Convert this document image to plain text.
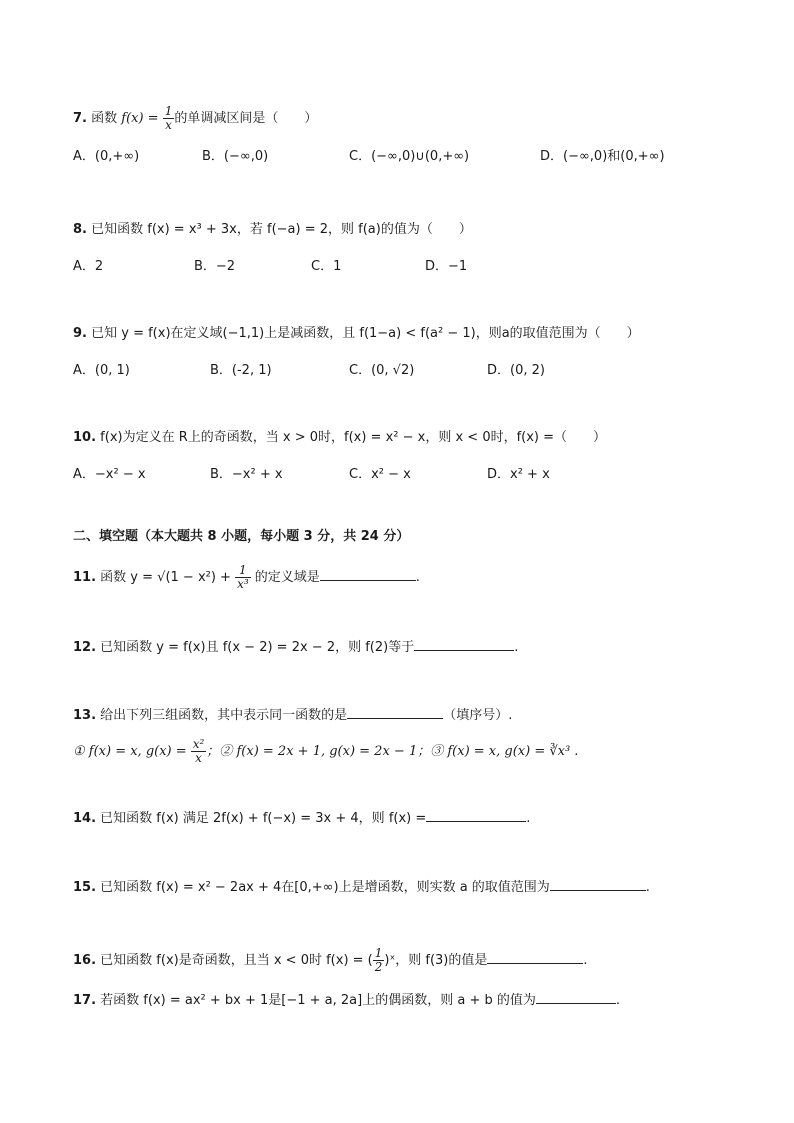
7. 函数 $f(x) = \frac{1}{x}$ 的单调减区间是（　　）
A．(0,+∞)	B．(−∞,0)	C．(−∞,0)∪(0,+∞)	D．(−∞,0)和(0,+∞)
8. 已知函数 f(x) = x³ + 3x，若 f(−a) = 2，则 f(a)的值为（　　）
A．2	B．−2	C．1	D．−1
9. 已知 y = f(x)在定义域(−1,1)上是减函数，且 f(1−a) < f(a² − 1)，则a的取值范围为（　　）
A．(0, 1)	B．(-2, 1)	C．(0, √2)	D．(0, 2)
10. f(x)为定义在 R上的奇函数，当 x > 0时，f(x) = x² − x，则 x < 0时，f(x) =（　　）
A．−x² − x	B．−x² + x	C．x² − x	D．x² + x
二、填空题（本大题共 8 小题，每小题 3 分，共 24 分）
11. 函数 $y = √(1 - x^2) + \frac{1}{\text{x³}}$ 的定义域是	.
12. 已知函数 y = f(x)且 f(x − 2) = 2x − 2，则 f(2)等于	.
13. 给出下列三组函数，其中表示同一函数的是	（填序号）.
① f(x) = x, $g(x) = \frac{\text{x²}}{x}$ ；② f(x) = 2x + 1, g(x) = 2x − 1；③ f(x) = x, g(x) = ∛x³ .
14. 已知函数 f(x) 满足 2f(x) + f(−x) = 3x + 4，则 f(x) =	.
15. 已知函数 f(x) = x² − 2ax + 4在[0,+∞)上是增函数，则实数 a 的取值范围为	.
16. 已知函数 f(x)是奇函数，且当 x < 0时 f(x) = ( $\frac{1}{2}$ )ˣ，则 f(3)的值是	.
17. 若函数 f(x) = ax² + bx + 1是[−1 + a, 2a]上的偶函数，则 a + b 的值为	.
